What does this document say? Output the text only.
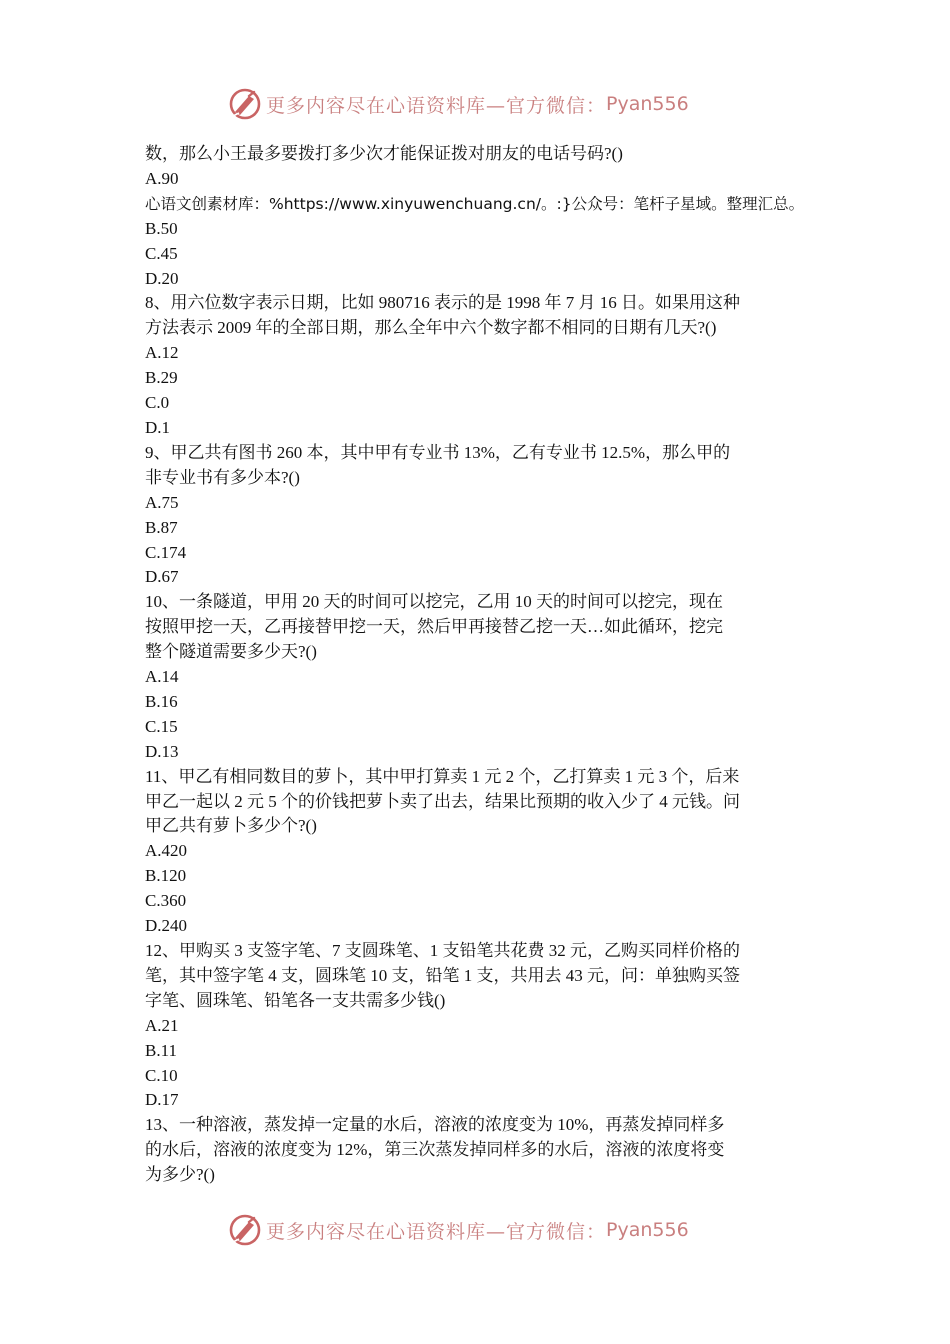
更多内容尽在心语资料库—官方微信： Pyan556

数，那么小王最多要拨打多少次才能保证拨对朋友的电话号码?()

A.90

心语文创素材库：%https://www.xinyuwenchuang.cn/。:}公众号：笔杆子星域。整理汇总。B.50

C.45

D.20

8、用六位数字表示日期，比如 980716 表示的是 1998 年 7 月 16 日。如果用这种

方法表示 2009 年的全部日期，那么全年中六个数字都不相同的日期有几天?()

A.12

B.29

C.0

D.1

9、甲乙共有图书 260 本，其中甲有专业书 13%，乙有专业书 12.5%，那么甲的

非专业书有多少本?()

A.75

B.87

C.174

D.67

10、一条隧道，甲用 20 天的时间可以挖完，乙用 10 天的时间可以挖完，现在

按照甲挖一天，乙再接替甲挖一天，然后甲再接替乙挖一天…如此循环，挖完

整个隧道需要多少天?()

A.14

B.16

C.15

D.13

11、甲乙有相同数目的萝卜，其中甲打算卖 1 元 2 个，乙打算卖 1 元 3 个，后来

甲乙一起以 2 元 5 个的价钱把萝卜卖了出去，结果比预期的收入少了 4 元钱。问

甲乙共有萝卜多少个?()

A.420

B.120

C.360

D.240

12、甲购买 3 支签字笔、7 支圆珠笔、1 支铅笔共花费 32 元，乙购买同样价格的

笔，其中签字笔 4 支，圆珠笔 10 支，铅笔 1 支，共用去 43 元，问：单独购买签

字笔、圆珠笔、铅笔各一支共需多少钱()

A.21

B.11

C.10

D.17

13、一种溶液，蒸发掉一定量的水后，溶液的浓度变为 10%，再蒸发掉同样多

的水后，溶液的浓度变为 12%，第三次蒸发掉同样多的水后，溶液的浓度将变

为多少?()

更多内容尽在心语资料库—官方微信： Pyan556
